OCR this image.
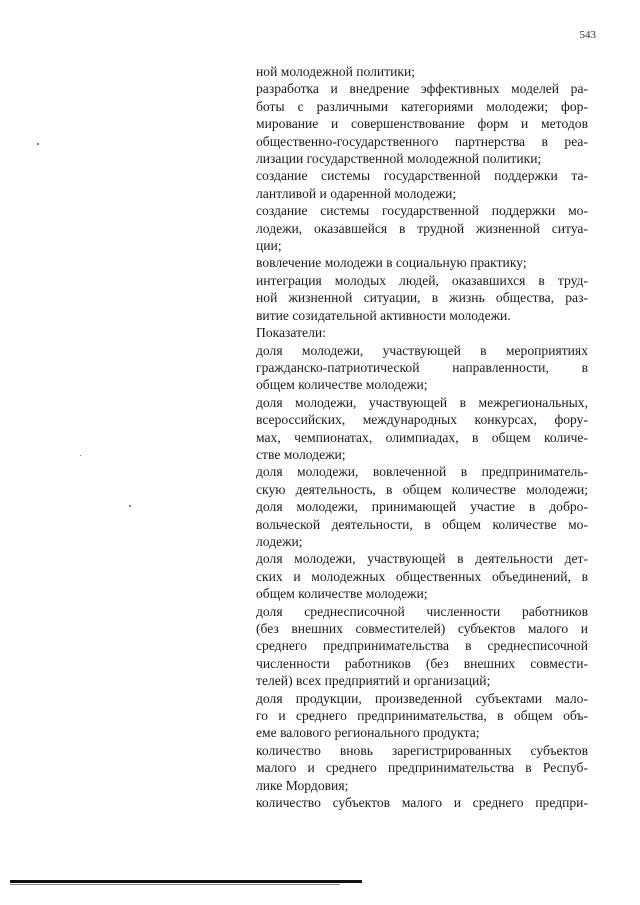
543
ной молодежной политики;
разработка и внедрение эффективных моделей ра-
боты с различными категориями молодежи; фор-
мирование и совершенствование форм и методов
общественно-государственного партнерства в реа-
лизации государственной молодежной политики;
создание системы государственной поддержки та-
лантливой и одаренной молодежи;
создание системы государственной поддержки мо-
лодежи, оказавшейся в трудной жизненной ситуа-
ции;
вовлечение молодежи в социальную практику;
интеграция молодых людей, оказавшихся в труд-
ной жизненной ситуации, в жизнь общества, раз-
витие созидательной активности молодежи.
Показатели:
доля молодежи, участвующей в мероприятиях
гражданско-патриотической направленности, в
общем количестве молодежи;
доля молодежи, участвующей в межрегиональных,
всероссийских, международных конкурсах, фору-
мах, чемпионатах, олимпиадах, в общем количе-
стве молодежи;
доля молодежи, вовлеченной в предприниматель-
скую деятельность, в общем количестве молодежи;
доля молодежи, принимающей участие в добро-
вольческой деятельности, в общем количестве мо-
лодежи;
доля молодежи, участвующей в деятельности дет-
ских и молодежных общественных объединений, в
общем количестве молодежи;
доля среднесписочной численности работников
(без внешних совместителей) субъектов малого и
среднего предпринимательства в среднесписочной
численности работников (без внешних совмести-
телей) всех предприятий и организаций;
доля продукции, произведенной субъектами мало-
го и среднего предпринимательства, в общем объ-
еме валового регионального продукта;
количество вновь зарегистрированных субъектов
малого и среднего предпринимательства в Респуб-
лике Мордовия;
количество субъектов малого и среднего предпри-
